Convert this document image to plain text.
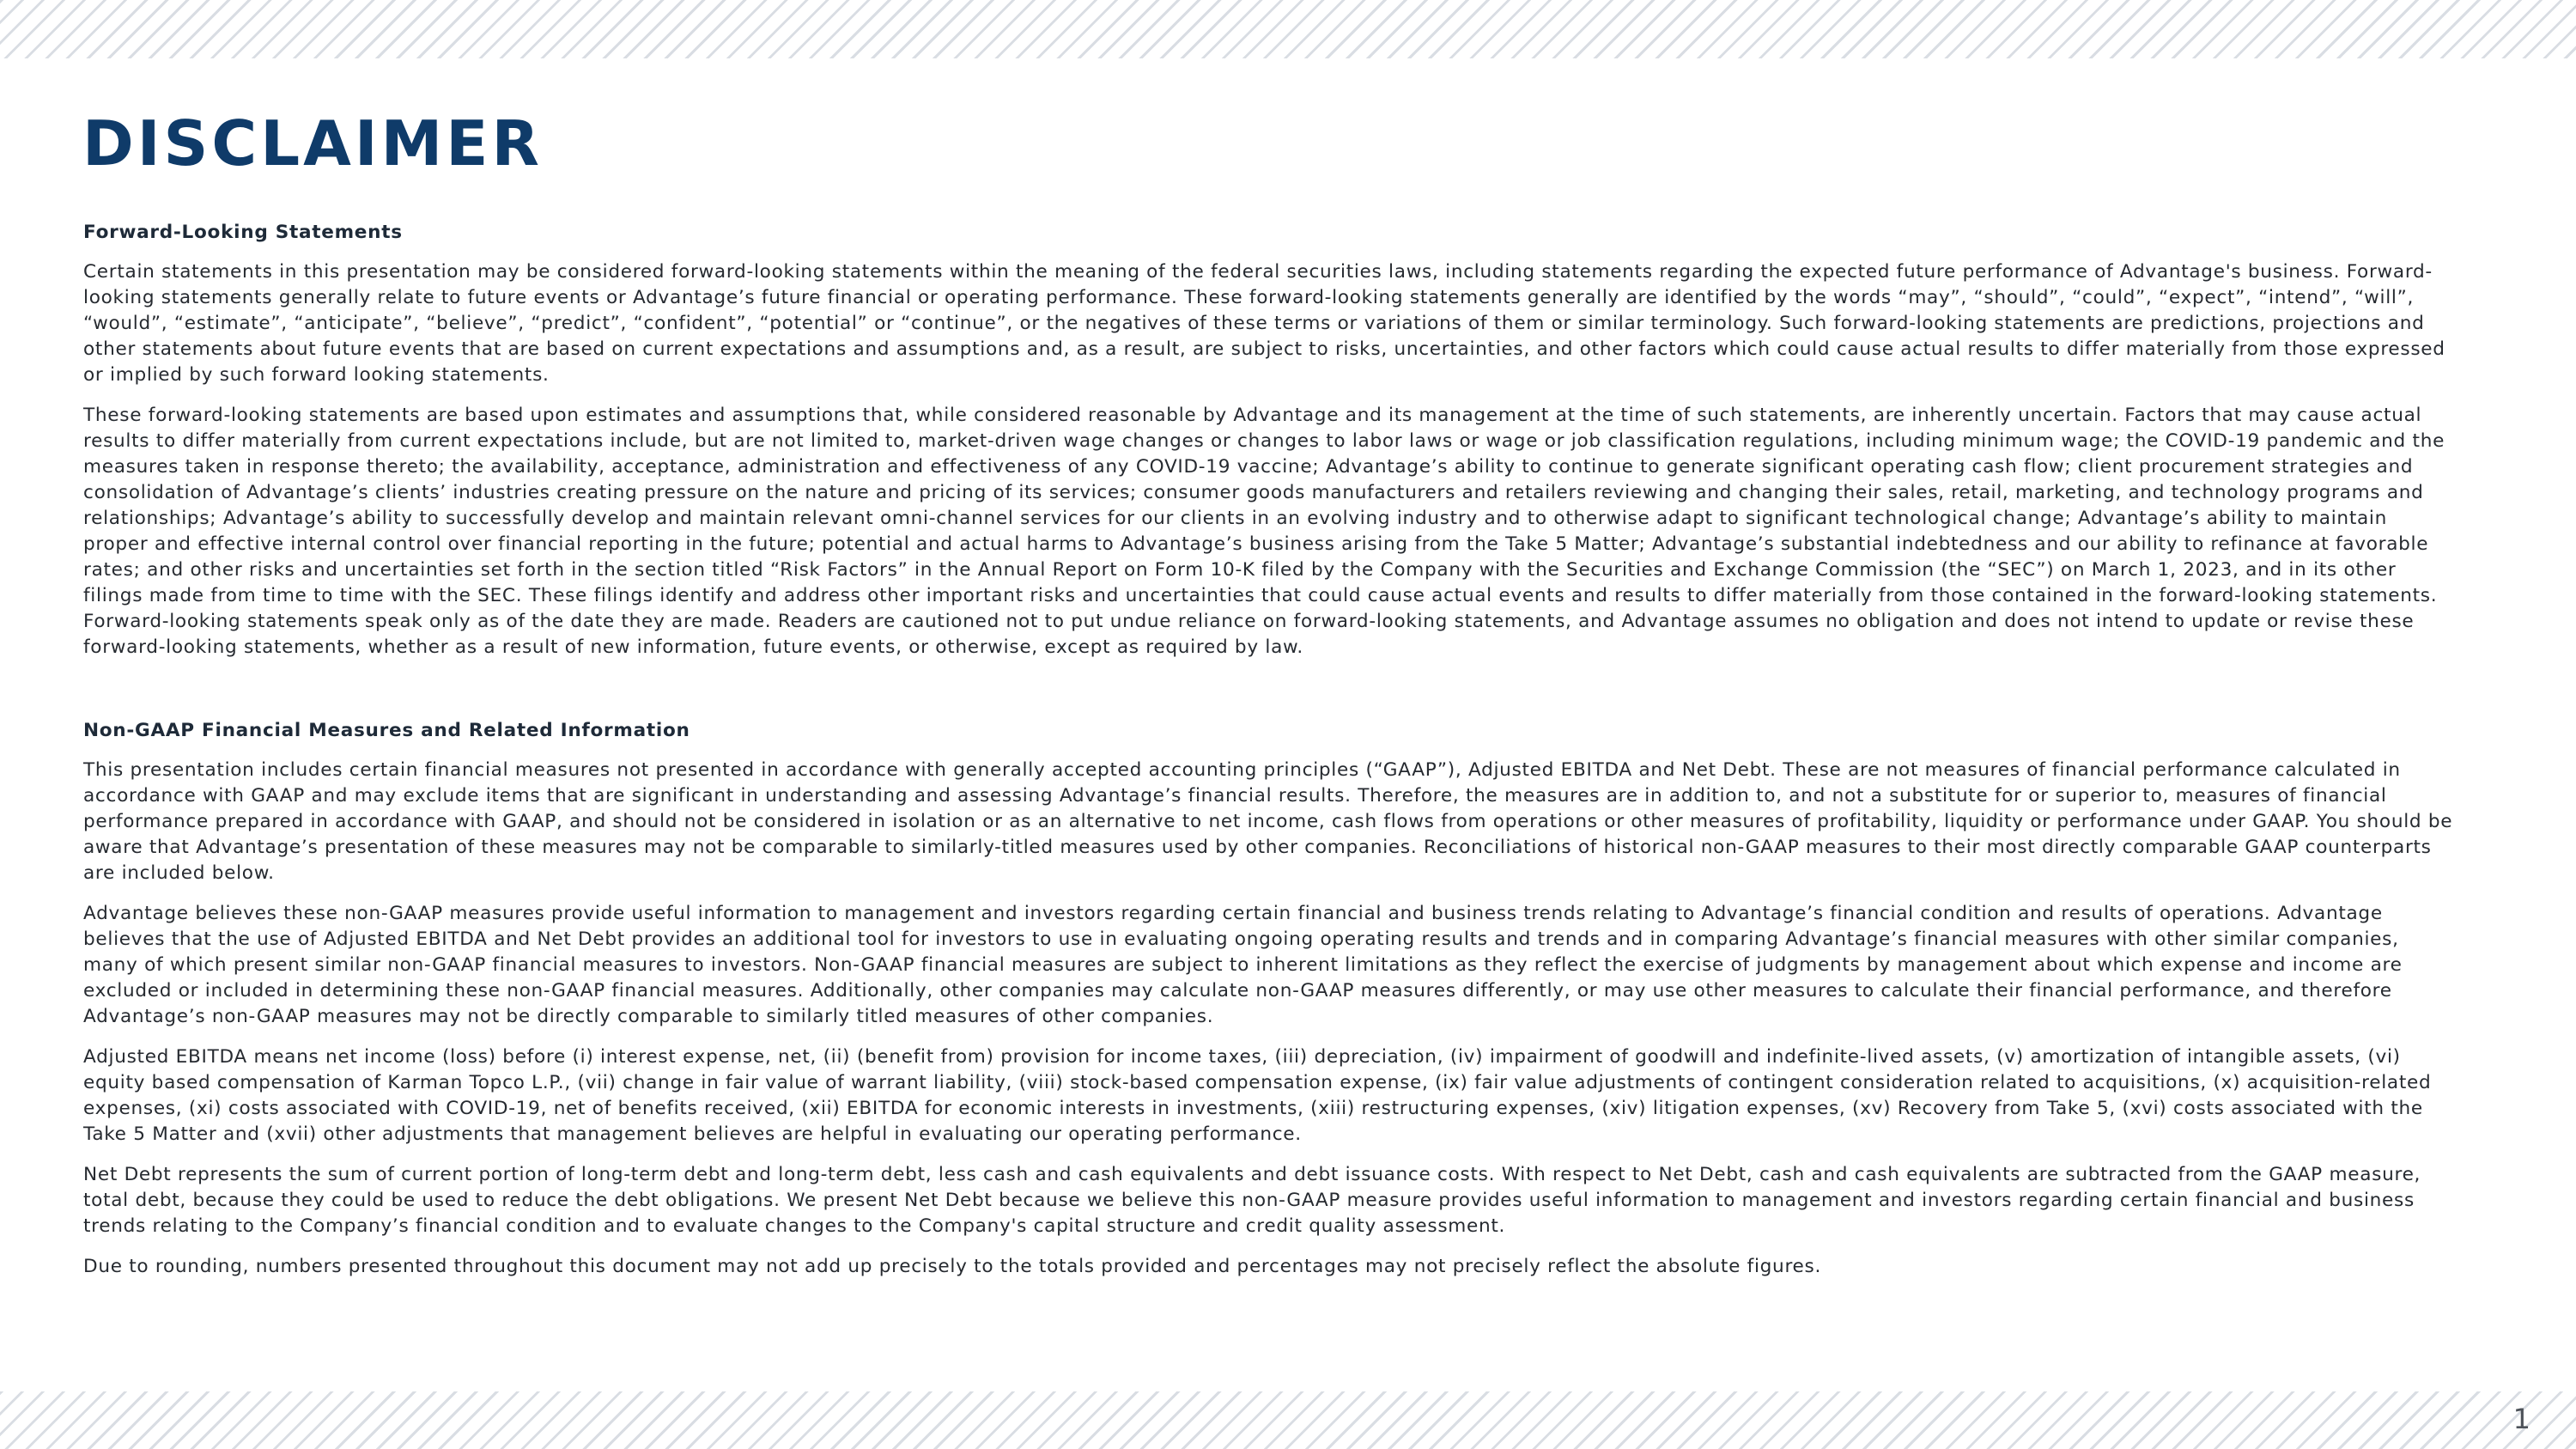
DISCLAIMER
Forward-Looking Statements

Certain statements in this presentation may be considered forward-looking statements within the meaning of the federal securities laws, including statements regarding the expected future performance of Advantage's business. Forward-looking statements generally relate to future events or Advantage’s future financial or operating performance. These forward-looking statements generally are identified by the words “may”, “should”, “could”, “expect”, “intend”, “will”, “would”, “estimate”, “anticipate”, “believe”, “predict”, “confident”, “potential” or “continue”, or the negatives of these terms or variations of them or similar terminology. Such forward-looking statements are predictions, projections and other statements about future events that are based on current expectations and assumptions and, as a result, are subject to risks, uncertainties, and other factors which could cause actual results to differ materially from those expressed or implied by such forward looking statements.

These forward-looking statements are based upon estimates and assumptions that, while considered reasonable by Advantage and its management at the time of such statements, are inherently uncertain. Factors that may cause actual results to differ materially from current expectations include, but are not limited to, market-driven wage changes or changes to labor laws or wage or job classification regulations, including minimum wage; the COVID-19 pandemic and the measures taken in response thereto; the availability, acceptance, administration and effectiveness of any COVID-19 vaccine; Advantage’s ability to continue to generate significant operating cash flow; client procurement strategies and consolidation of Advantage’s clients’ industries creating pressure on the nature and pricing of its services; consumer goods manufacturers and retailers reviewing and changing their sales, retail, marketing, and technology programs and relationships; Advantage’s ability to successfully develop and maintain relevant omni-channel services for our clients in an evolving industry and to otherwise adapt to significant technological change; Advantage’s ability to maintain proper and effective internal control over financial reporting in the future; potential and actual harms to Advantage’s business arising from the Take 5 Matter; Advantage’s substantial indebtedness and our ability to refinance at favorable rates; and other risks and uncertainties set forth in the section titled “Risk Factors” in the Annual Report on Form 10-K filed by the Company with the Securities and Exchange Commission (the “SEC”) on March 1, 2023, and in its other filings made from time to time with the SEC. These filings identify and address other important risks and uncertainties that could cause actual events and results to differ materially from those contained in the forward-looking statements. Forward-looking statements speak only as of the date they are made. Readers are cautioned not to put undue reliance on forward-looking statements, and Advantage assumes no obligation and does not intend to update or revise these forward-looking statements, whether as a result of new information, future events, or otherwise, except as required by law.

Non-GAAP Financial Measures and Related Information

This presentation includes certain financial measures not presented in accordance with generally accepted accounting principles (“GAAP”), Adjusted EBITDA and Net Debt. These are not measures of financial performance calculated in accordance with GAAP and may exclude items that are significant in understanding and assessing Advantage’s financial results. Therefore, the measures are in addition to, and not a substitute for or superior to, measures of financial performance prepared in accordance with GAAP, and should not be considered in isolation or as an alternative to net income, cash flows from operations or other measures of profitability, liquidity or performance under GAAP. You should be aware that Advantage’s presentation of these measures may not be comparable to similarly-titled measures used by other companies. Reconciliations of historical non-GAAP measures to their most directly comparable GAAP counterparts are included below.

Advantage believes these non-GAAP measures provide useful information to management and investors regarding certain financial and business trends relating to Advantage’s financial condition and results of operations. Advantage believes that the use of Adjusted EBITDA and Net Debt provides an additional tool for investors to use in evaluating ongoing operating results and trends and in comparing Advantage’s financial measures with other similar companies, many of which present similar non-GAAP financial measures to investors. Non-GAAP financial measures are subject to inherent limitations as they reflect the exercise of judgments by management about which expense and income are excluded or included in determining these non-GAAP financial measures. Additionally, other companies may calculate non-GAAP measures differently, or may use other measures to calculate their financial performance, and therefore Advantage’s non-GAAP measures may not be directly comparable to similarly titled measures of other companies.

Adjusted EBITDA means net income (loss) before (i) interest expense, net, (ii) (benefit from) provision for income taxes, (iii) depreciation, (iv) impairment of goodwill and indefinite-lived assets, (v) amortization of intangible assets, (vi) equity based compensation of Karman Topco L.P., (vii) change in fair value of warrant liability, (viii) stock-based compensation expense, (ix) fair value adjustments of contingent consideration related to acquisitions, (x) acquisition-related expenses, (xi) costs associated with COVID-19, net of benefits received, (xii) EBITDA for economic interests in investments, (xiii) restructuring expenses, (xiv) litigation expenses, (xv) Recovery from Take 5, (xvi) costs associated with the Take 5 Matter and (xvii) other adjustments that management believes are helpful in evaluating our operating performance.

Net Debt represents the sum of current portion of long-term debt and long-term debt, less cash and cash equivalents and debt issuance costs. With respect to Net Debt, cash and cash equivalents are subtracted from the GAAP measure, total debt, because they could be used to reduce the debt obligations. We present Net Debt because we believe this non-GAAP measure provides useful information to management and investors regarding certain financial and business trends relating to the Company’s financial condition and to evaluate changes to the Company's capital structure and credit quality assessment.

Due to rounding, numbers presented throughout this document may not add up precisely to the totals provided and percentages may not precisely reflect the absolute figures.

1
